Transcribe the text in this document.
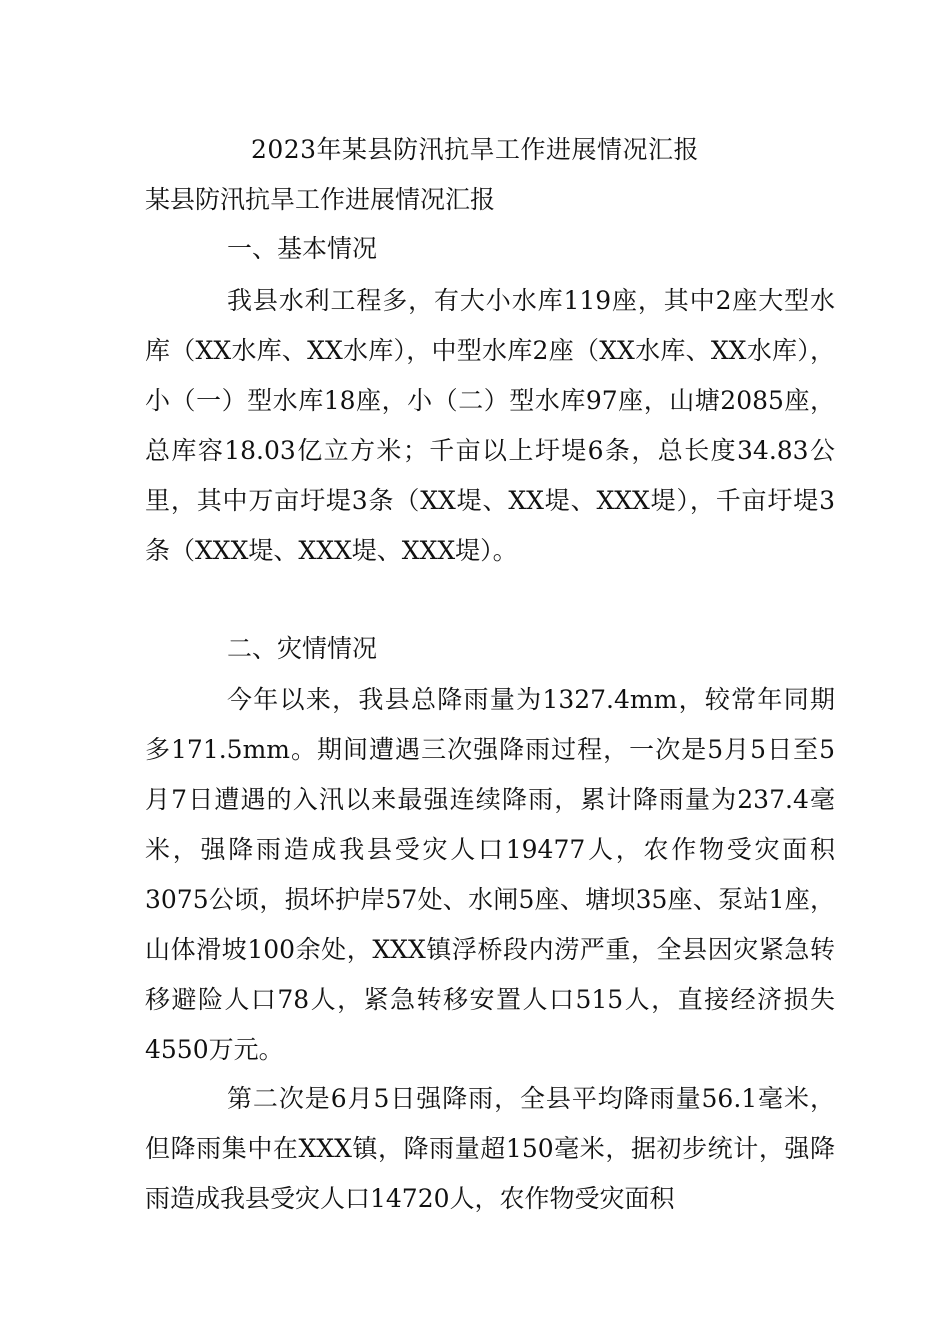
2023年某县防汛抗旱工作进展情况汇报
某县防汛抗旱工作进展情况汇报
一、基本情况

我县水利工程多，有大小水库119座，其中2座大型水库（XX水库、XX水库），中型水库2座（XX水库、XX水库），小（一）型水库18座，小（二）型水库97座，山塘2085座，总库容18.03亿立方米；千亩以上圩堤6条，总长度34.83公里，其中万亩圩堤3条（XX堤、XX堤、XXX堤），千亩圩堤3条（XXX堤、XXX堤、XXX堤）。

二、灾情情况

今年以来，我县总降雨量为1327.4mm，较常年同期多171.5mm。期间遭遇三次强降雨过程，一次是5月5日至5月7日遭遇的入汛以来最强连续降雨，累计降雨量为237.4毫米，强降雨造成我县受灾人口19477人，农作物受灾面积3075公顷，损坏护岸57处、水闸5座、塘坝35座、泵站1座，山体滑坡100余处，XXX镇浮桥段内涝严重，全县因灾紧急转移避险人口78人，紧急转移安置人口515人，直接经济损失4550万元。

第二次是6月5日强降雨，全县平均降雨量56.1毫米，但降雨集中在XXX镇，降雨量超150毫米，据初步统计，强降雨造成我县受灾人口14720人，农作物受灾面积
